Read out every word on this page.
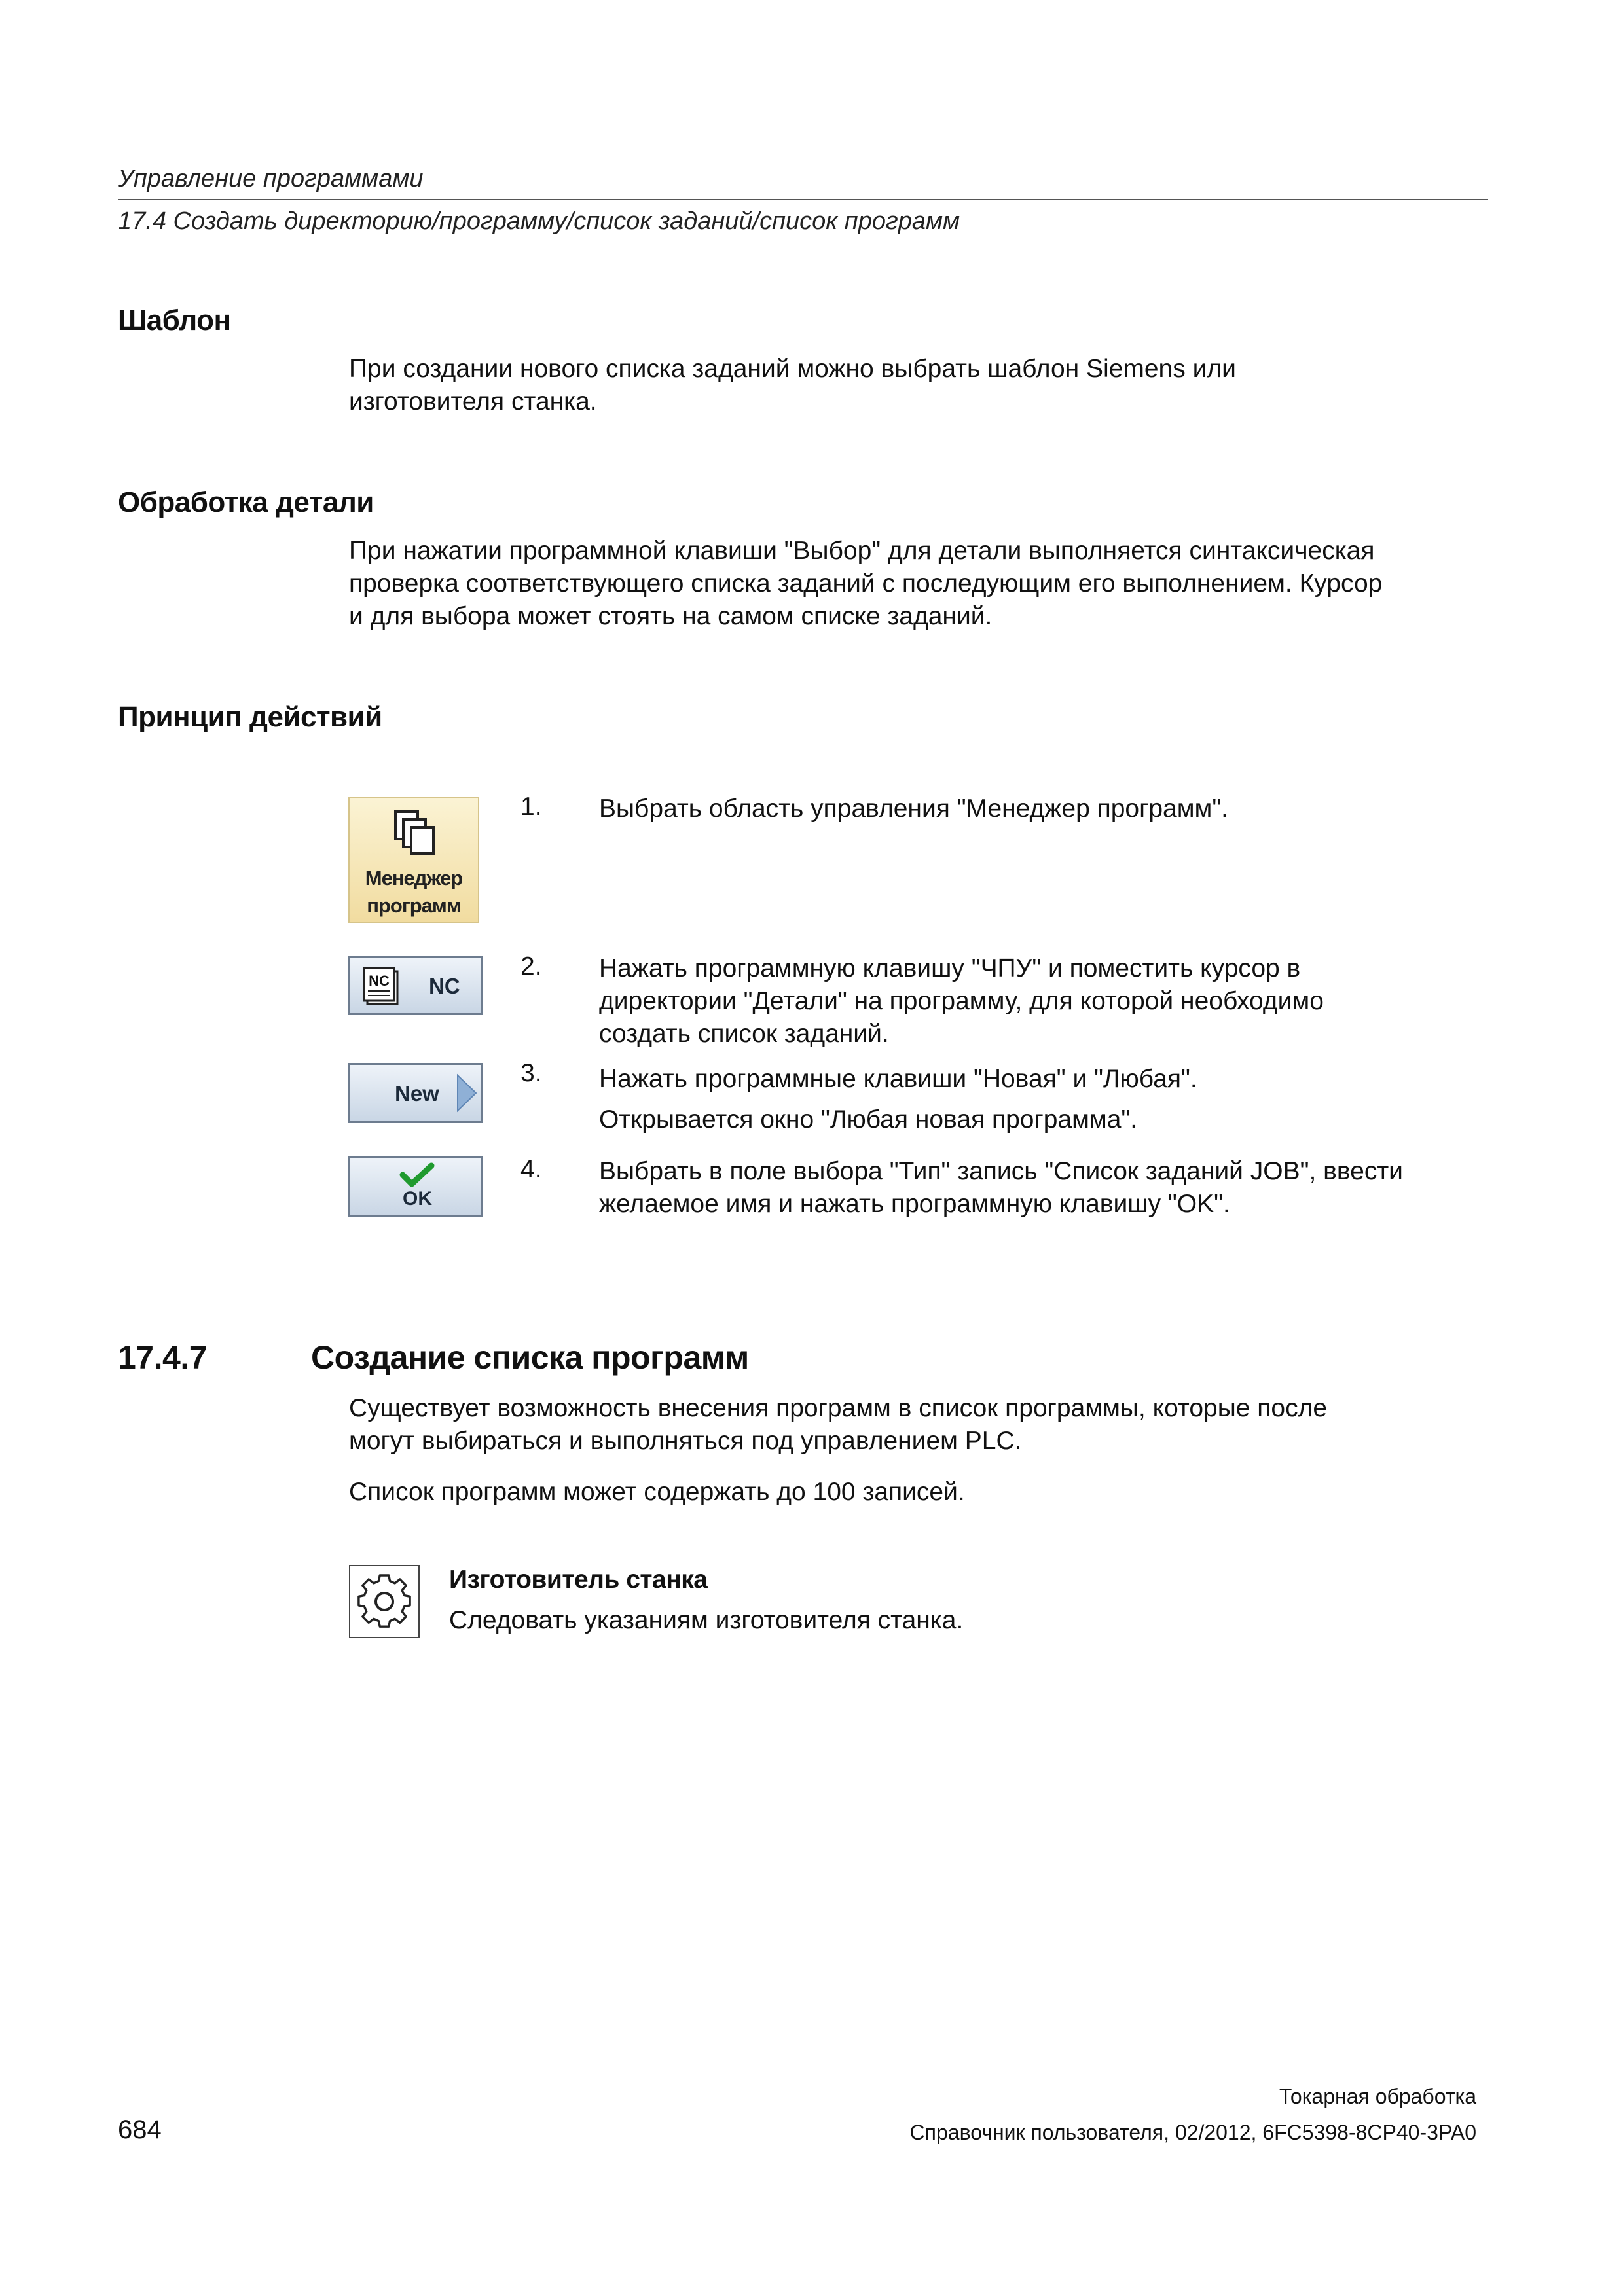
Управление программами
17.4 Создать директорию/программу/список заданий/список программ
Шаблон
При создании нового списка заданий можно выбрать шаблон Siemens или
изготовителя станка.
Обработка детали
При нажатии программной клавиши "Выбор" для детали выполняется синтаксическая
проверка соответствующего списка заданий с последующим его выполнением. Курсор
и для выбора может стоять на самом списке заданий.
Принцип действий
Менеджер
программ
NC NC
New
OK
1. Выбрать область управления "Менеджер программ".
2. Нажать программную клавишу "ЧПУ" и поместить курсор в
директории "Детали" на программу, для которой необходимо
создать список заданий.
3. Нажать программные клавиши "Новая" и "Любая".
Открывается окно "Любая новая программа".
4. Выбрать в поле выбора "Тип" запись "Список заданий JOB", ввести
желаемое имя и нажать программную клавишу "OK".
17.4.7	Создание списка программ
Существует возможность внесения программ в список программы, которые после
могут выбираться и выполняться под управлением PLC.
Список программ может содержать до 100 записей.
Изготовитель станка
Следовать указаниям изготовителя станка.
Токарная обработка
684	Справочник пользователя, 02/2012, 6FC5398-8CP40-3PA0
